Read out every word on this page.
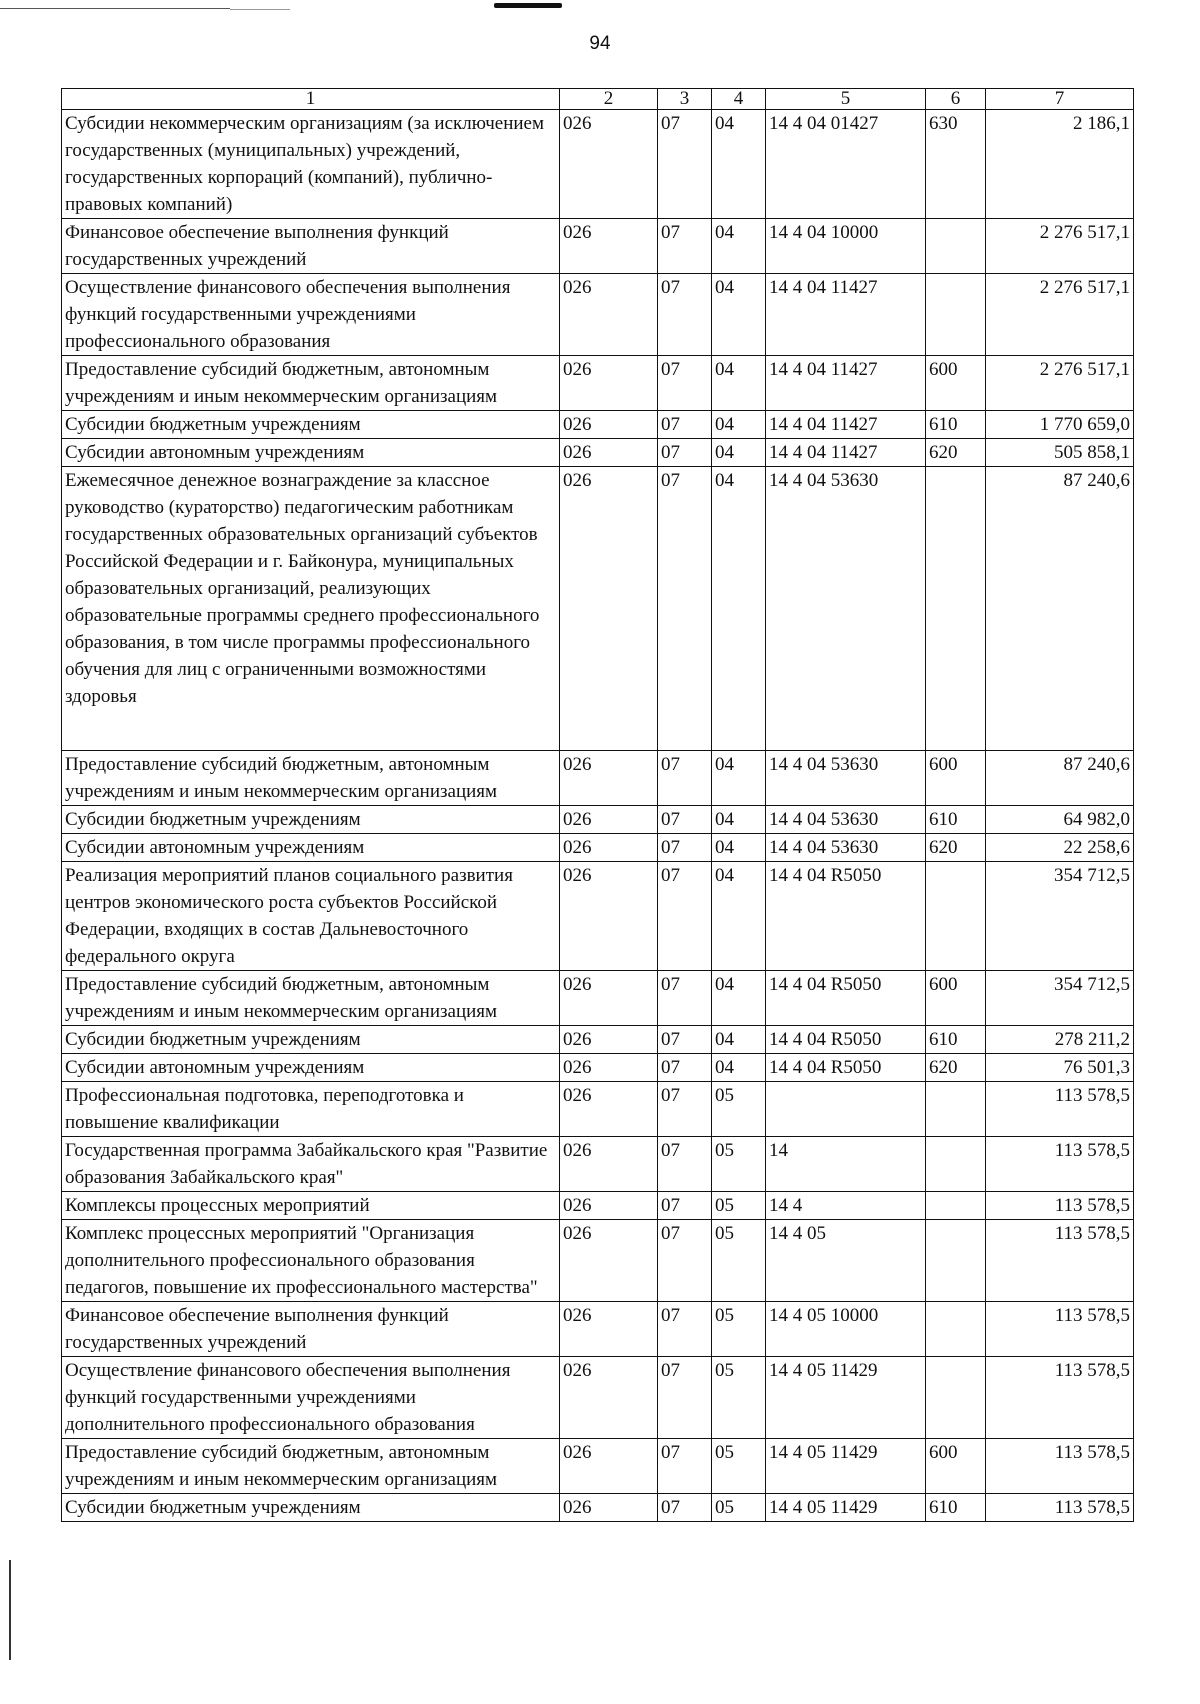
94
1	2	3	4	5	6	7
Субсидии некоммерческим организациям (за исключением государственных (муниципальных) учреждений, государственных корпораций (компаний), публично-правовых компаний)	026	07	04	14 4 04 01427	630	2 186,1
Финансовое обеспечение выполнения функций государственных учреждений	026	07	04	14 4 04 10000		2 276 517,1
Осуществление финансового обеспечения выполнения функций государственными учреждениями профессионального образования	026	07	04	14 4 04 11427		2 276 517,1
Предоставление субсидий бюджетным, автономным учреждениям и иным некоммерческим организациям	026	07	04	14 4 04 11427	600	2 276 517,1
Субсидии бюджетным учреждениям	026	07	04	14 4 04 11427	610	1 770 659,0
Субсидии автономным учреждениям	026	07	04	14 4 04 11427	620	505 858,1
Ежемесячное денежное вознаграждение за классное руководство (кураторство) педагогическим работникам государственных образовательных организаций субъектов Российской Федерации и г. Байконура, муниципальных образовательных организаций, реализующих образовательные программы среднего профессионального образования, в том числе программы профессионального обучения для лиц с ограниченными возможностями здоровья	026	07	04	14 4 04 53630		87 240,6
Предоставление субсидий бюджетным, автономным учреждениям и иным некоммерческим организациям	026	07	04	14 4 04 53630	600	87 240,6
Субсидии бюджетным учреждениям	026	07	04	14 4 04 53630	610	64 982,0
Субсидии автономным учреждениям	026	07	04	14 4 04 53630	620	22 258,6
Реализация мероприятий планов социального развития центров экономического роста субъектов Российской Федерации, входящих в состав Дальневосточного федерального округа	026	07	04	14 4 04 R5050		354 712,5
Предоставление субсидий бюджетным, автономным учреждениям и иным некоммерческим организациям	026	07	04	14 4 04 R5050	600	354 712,5
Субсидии бюджетным учреждениям	026	07	04	14 4 04 R5050	610	278 211,2
Субсидии автономным учреждениям	026	07	04	14 4 04 R5050	620	76 501,3
Профессиональная подготовка, переподготовка и повышение квалификации	026	07	05			113 578,5
Государственная программа Забайкальского края "Развитие образования Забайкальского края"	026	07	05	14		113 578,5
Комплексы процессных мероприятий	026	07	05	14 4		113 578,5
Комплекс процессных мероприятий "Организация дополнительного профессионального образования педагогов, повышение их профессионального мастерства"	026	07	05	14 4 05		113 578,5
Финансовое обеспечение выполнения функций государственных учреждений	026	07	05	14 4 05 10000		113 578,5
Осуществление финансового обеспечения выполнения функций государственными учреждениями дополнительного профессионального образования	026	07	05	14 4 05 11429		113 578,5
Предоставление субсидий бюджетным, автономным учреждениям и иным некоммерческим организациям	026	07	05	14 4 05 11429	600	113 578,5
Субсидии бюджетным учреждениям	026	07	05	14 4 05 11429	610	113 578,5
